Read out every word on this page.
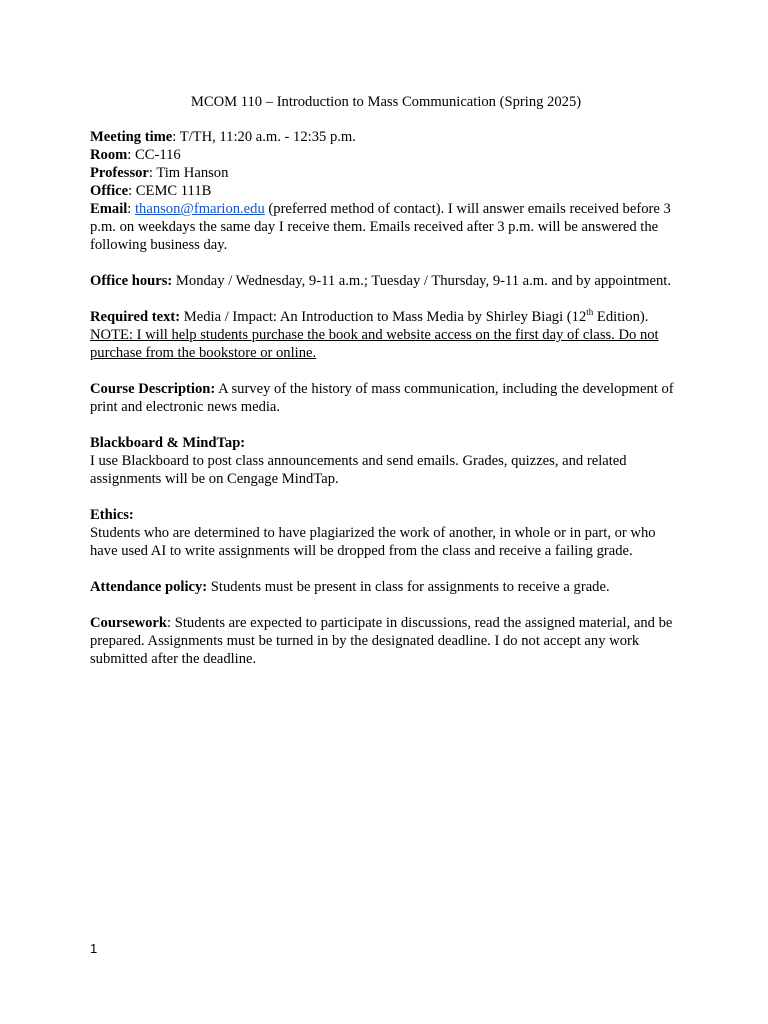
MCOM 110 – Introduction to Mass Communication (Spring 2025)

Meeting time: T/TH, 11:20 a.m. - 12:35 p.m.

Room: CC-116

Professor: Tim Hanson

Office: CEMC 111B

Email: thanson@fmarion.edu (preferred method of contact). I will answer emails received before 3 p.m. on weekdays the same day I receive them. Emails received after 3 p.m. will be answered the following business day.

Office hours: Monday / Wednesday, 9-11 a.m.; Tuesday / Thursday, 9-11 a.m. and by appointment.

Required text: Media / Impact: An Introduction to Mass Media by Shirley Biagi (12th Edition).
NOTE: I will help students purchase the book and website access on the first day of class. Do not purchase from the bookstore or online.

Course Description: A survey of the history of mass communication, including the development of print and electronic news media.

Blackboard & MindTap:

I use Blackboard to post class announcements and send emails. Grades, quizzes, and related assignments will be on Cengage MindTap.

Ethics:

Students who are determined to have plagiarized the work of another, in whole or in part, or who have used AI to write assignments will be dropped from the class and receive a failing grade.

Attendance policy: Students must be present in class for assignments to receive a grade.

Coursework: Students are expected to participate in discussions, read the assigned material, and be prepared. Assignments must be turned in by the designated deadline. I do not accept any work submitted after the deadline.

1
